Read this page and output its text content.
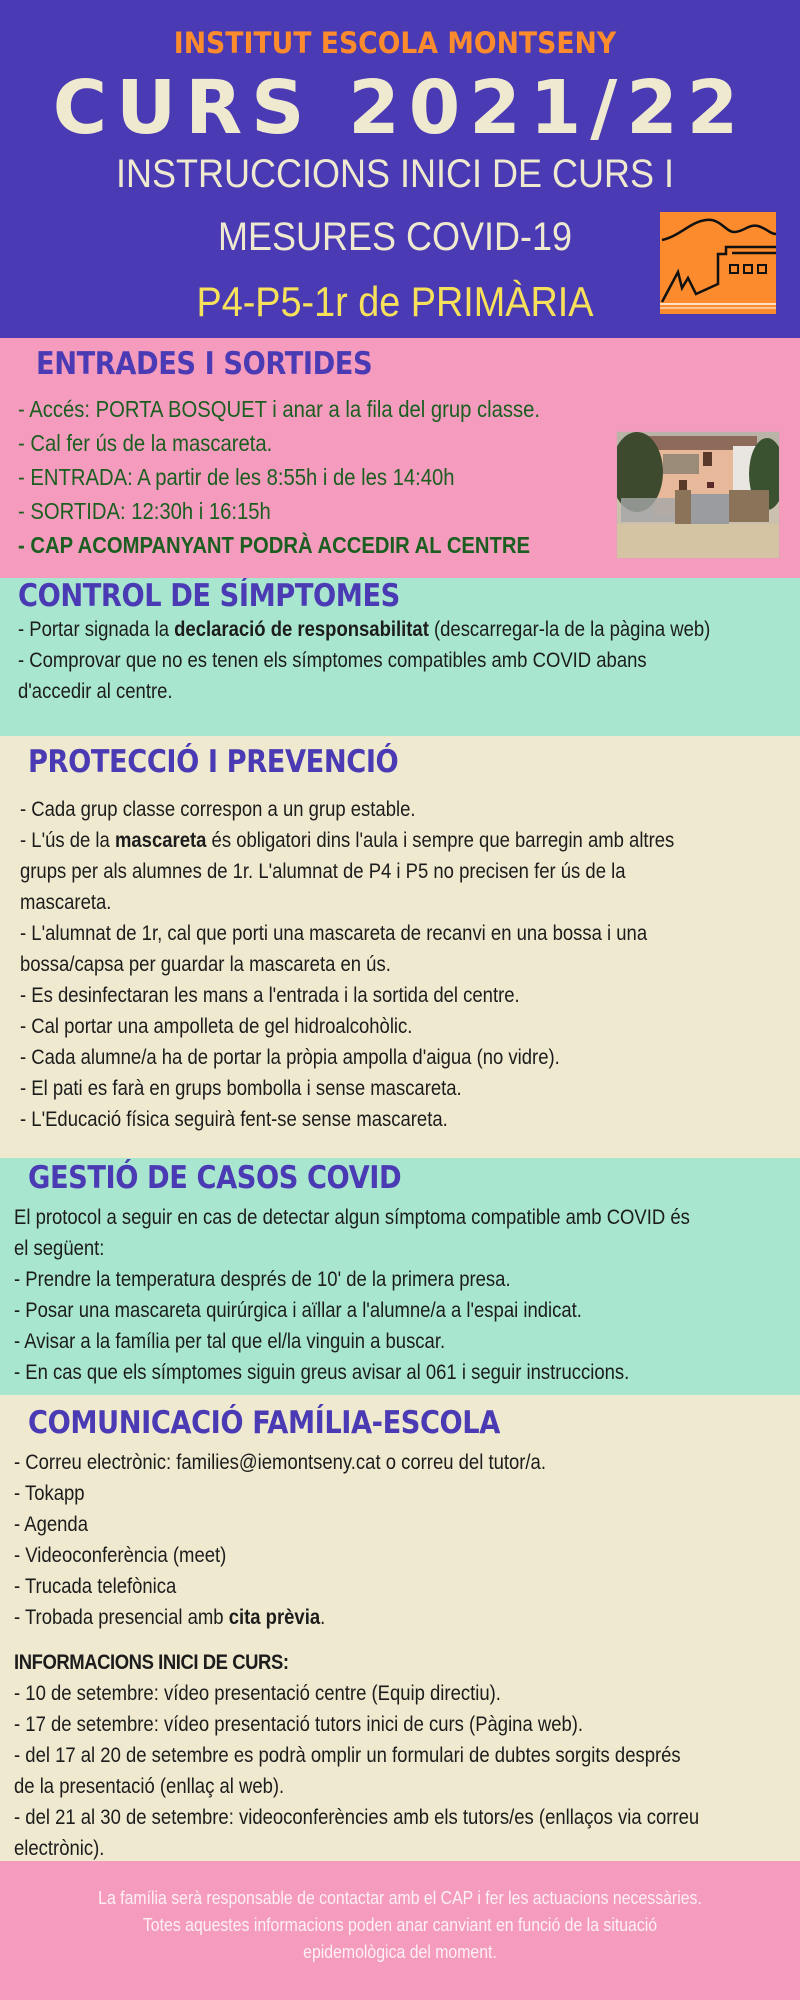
INSTITUT ESCOLA MONTSENY
CURS 2021/22
INSTRUCCIONS INICI DE CURS I
MESURES COVID-19
P4-P5-1r de PRIMÀRIA
ENTRADES I SORTIDES
- Accés: PORTA BOSQUET i anar a la fila del grup classe.
- Cal fer ús de la mascareta.
- ENTRADA: A partir de les 8:55h i de les 14:40h
- SORTIDA: 12:30h i 16:15h
- CAP ACOMPANYANT PODRÀ ACCEDIR AL CENTRE
CONTROL DE SÍMPTOMES
- Portar signada la declaració de responsabilitat (descarregar-la de la pàgina web)
- Comprovar que no es tenen els símptomes compatibles amb COVID abans
d'accedir al centre.
PROTECCIÓ I PREVENCIÓ
- Cada grup classe correspon a un grup estable.
- L'ús de la mascareta és obligatori dins l'aula i sempre que barregin amb altres
grups per als alumnes de 1r. L'alumnat de P4 i P5 no precisen fer ús de la
mascareta.
- L'alumnat de 1r, cal que porti una mascareta de recanvi en una bossa i una
bossa/capsa per guardar la mascareta en ús.
- Es desinfectaran les mans a l'entrada i la sortida del centre.
- Cal portar una ampolleta de gel hidroalcohòlic.
- Cada alumne/a ha de portar la pròpia ampolla d'aigua (no vidre).
- El pati es farà en grups bombolla i sense mascareta.
- L'Educació física seguirà fent-se sense mascareta.
GESTIÓ DE CASOS COVID
El protocol a seguir en cas de detectar algun símptoma compatible amb COVID és
el següent:
- Prendre la temperatura després de 10' de la primera presa.
- Posar una mascareta quirúrgica i aïllar a l'alumne/a a l'espai indicat.
- Avisar a la família per tal que el/la vinguin a buscar.
- En cas que els símptomes siguin greus avisar al 061 i seguir instruccions.
COMUNICACIÓ FAMÍLIA-ESCOLA
- Correu electrònic: families@iemontseny.cat o correu del tutor/a.
- Tokapp
- Agenda
- Videoconferència (meet)
- Trucada telefònica
- Trobada presencial amb cita prèvia.
INFORMACIONS INICI DE CURS:
- 10 de setembre: vídeo presentació centre (Equip directiu).
- 17 de setembre: vídeo presentació tutors inici de curs (Pàgina web).
- del 17 al 20 de setembre es podrà omplir un formulari de dubtes sorgits després
de la presentació (enllaç al web).
- del 21 al 30 de setembre: videoconferències amb els tutors/es (enllaços via correu
electrònic).
La família serà responsable de contactar amb el CAP i fer les actuacions necessàries.
Totes aquestes informacions poden anar canviant en funció de la situació
epidemològica del moment.
